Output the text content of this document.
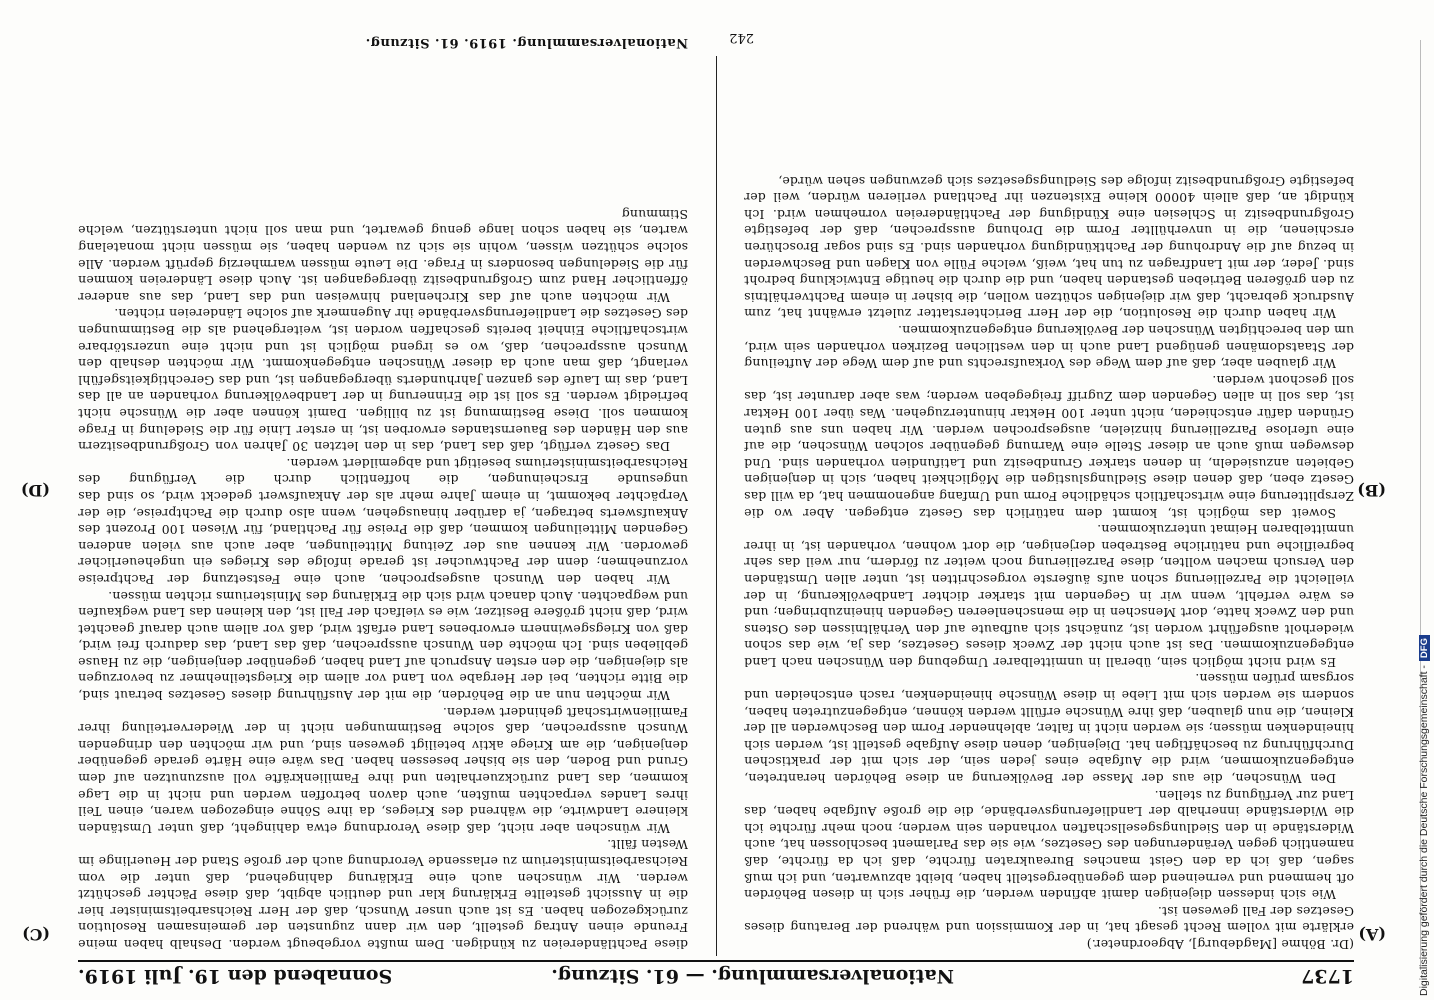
1737
Nationalversammlung. — 61. Sitzung.
Sonnabend den 19. Juli 1919.
(A)
(B)
(C)
(D)

(Dr. Böhme [Magdeburg], Abgeordneter.)

erklärte mit vollem Recht gesagt hat, in der Kommission und während der Beratung dieses Gesetzes der Fall gewesen ist.

Wie sich indessen diejenigen damit abfinden werden, die früher sich in diesen Behörden oft hemmend und verneinend dem gegenübergestellt haben, bleibt abzuwarten, und ich muß sagen, daß ich da den Geist manches Bureaukraten fürchte, daß ich da fürchte, daß namentlich gegen Veränderungen des Gesetzes, wie sie das Parlament beschlossen hat, auch Widerstände in den Siedlungsgesellschaften vorhanden sein werden; noch mehr fürchte ich die Widerstände innerhalb der Landlieferungsverbände, die die große Aufgabe haben, das Land zur Verfügung zu stellen.

Den Wünschen, die aus der Masse der Bevölkerung an diese Behörden herantreten, entgegenzukommen, wird die Aufgabe eines jeden sein, der sich mit der praktischen Durchführung zu beschäftigen hat. Diejenigen, denen diese Aufgabe gestellt ist, werden sich hineindenken müssen; sie werden nicht in falter, ablehnender Form den Beschwerden all der Kleinen, die nun glauben, daß ihre Wünsche erfüllt werden können, entgegenzutreten haben, sondern sie werden sich mit Liebe in diese Wünsche hineindenken, rasch entscheiden und sorgsam prüfen müssen.

Es wird nicht möglich sein, überall in unmittelbarer Umgebung den Wünschen nach Land entgegenzukommen. Das ist auch nicht der Zweck dieses Gesetzes, das ja, wie das schon wiederholt ausgeführt worden ist, zunächst sich aufbaute auf den Verhältnissen des Ostens und den Zweck hatte, dort Menschen in die menschenleeren Gegenden hineinzubringen; und es wäre verfehlt, wenn wir in Gegenden mit starker dichter Landbevölkerung, in der vielleicht die Parzellierung schon aufs äußerste vorgeschritten ist, unter allen Umständen den Versuch machen wollten, diese Parzellierung noch weiter zu fördern, nur weil das sehr begreifliche und natürliche Bestreben derjenigen, die dort wohnen, vorhanden ist, in ihrer unmittelbaren Heimat unterzukommen.

Soweit das möglich ist, kommt dem natürlich das Gesetz entgegen. Aber wo die Zersplitterung eine wirtschaftlich schädliche Form und Umfang angenommen hat, da will das Gesetz eben, daß denen diese Siedlungslustigen die Möglichkeit haben, sich in denjenigen Gebieten anzusiedeln, in denen starker Grundbesitz und Latifundien vorhanden sind. Und deswegen muß auch an dieser Stelle eine Warnung gegenüber solchen Wünschen, die auf eine uferlose Parzellierung hinzielen, ausgesprochen werden. Wir haben uns aus guten Gründen dafür entschieden, nicht unter 100 Hektar hinunterzugehen. Was über 100 Hektar ist, das soll in allen Gegenden dem Zugriff freigegeben werden; was aber darunter ist, das soll geschont werden.

Wir glauben aber, daß auf dem Wege des Vorkaufsrechts und auf dem Wege der Aufteilung der Staatsdomänen genügend Land auch in den westlichen Bezirken vorhanden sein wird, um den berechtigten Wünschen der Bevölkerung entgegenzukommen.

Wir haben durch die Resolution, die der Herr Berichterstatter zuletzt erwähnt hat, zum Ausdruck gebracht, daß wir diejenigen schützen wollen, die bisher in einem Pachtverhältnis zu den größeren Betrieben gestanden haben, und die durch die heutige Entwicklung bedroht sind. Jeder, der mit Landfragen zu tun hat, weiß, welche Fülle von Klagen und Beschwerden in bezug auf die Androhung der Pachtkündigung vorhanden sind. Es sind sogar Broschüren erschienen, die in unverhüllter Form die Drohung aussprechen, daß der befestigte Großgrundbesitz in Schlesien eine Kündigung der Pachtländereien vornehmen wird. Ich kündigt an, daß allein 40000 kleine Existenzen ihr Pachtland verlieren würden, weil der befestigte Großgrundbesitz infolge des Siedlungsgesetzes sich gezwungen sehen würde,

diese Pachtländereien zu kündigen. Dem mußte vorgebeugt werden. Deshalb haben meine Freunde einen Antrag gestellt, den wir dann zugunsten der gemeinsamen Resolution zurückgezogen haben. Es ist auch unser Wunsch, daß der Herr Reichsarbeitsminister hier die in Aussicht gestellte Erklärung klar und deutlich abgibt, daß diese Pächter geschützt werden. Wir wünschen auch eine Erklärung dahingehend, daß unter die vom Reichsarbeitsministerium zu erlassende Verordnung auch der große Stand der Heuerlinge im Westen fällt.

Wir wünschen aber nicht, daß diese Verordnung etwa dahingeht, daß unter Umständen kleinere Landwirte, die während des Krieges, da ihre Söhne eingezogen waren, einen Teil ihres Landes verpachten mußten, auch davon betroffen werden und nicht in die Lage kommen, das Land zurückzuerhalten und ihre Familienkräfte voll auszunutzen auf dem Grund und Boden, den sie bisher besessen haben. Das wäre eine Härte gerade gegenüber denjenigen, die am Kriege aktiv beteiligt gewesen sind, und wir möchten den dringenden Wunsch aussprechen, daß solche Bestimmungen nicht in der Wiederverteilung ihrer Familienwirtschaft gehindert werden.

Wir möchten nun an die Behörden, die mit der Ausführung dieses Gesetzes betraut sind, die Bitte richten, bei der Hergabe von Land vor allem die Kriegsteilnehmer zu bevorzugen als diejenigen, die den ersten Anspruch auf Land haben, gegenüber denjenigen, die zu Hause geblieben sind. Ich möchte den Wunsch aussprechen, daß das Land, das dadurch frei wird, daß von Kriegsgewinnern erworbenes Land erfaßt wird, daß vor allem auch darauf geachtet wird, daß nicht größere Besitzer, wie es vielfach der Fall ist, den kleinen das Land wegkaufen und wegpachten. Auch danach wird sich die Erklärung des Ministeriums richten müssen.

Wir haben den Wunsch ausgesprochen, auch eine Festsetzung der Pachtpreise vorzunehmen; denn der Pachtwucher ist gerade infolge des Krieges ein ungeheuerlicher geworden. Wir kennen aus der Zeitung Mitteilungen, aber auch aus vielen anderen Gegenden Mitteilungen kommen, daß die Preise für Pachtland, für Wiesen 100 Prozent des Ankaufswerts betragen, ja darüber hinausgehen, wenn also durch die Pachtpreise, die der Verpächter bekommt, in einem Jahre mehr als der Ankaufswert gedeckt wird, so sind das ungesunde Erscheinungen, die hoffentlich durch die Verfügung des Reichsarbeitsministeriums beseitigt und abgemildert werden.

Das Gesetz verfügt, daß das Land, das in den letzten 30 Jahren von Großgrundbesitzern aus den Händen des Bauernstandes erworben ist, in erster Linie für die Siedelung in Frage kommen soll. Diese Bestimmung ist zu billigen. Damit können aber die Wünsche nicht befriedigt werden. Es soll ist die Erinnerung in der Landbevölkerung vorhanden an all das Land, das im Laufe des ganzen Jahrhunderts übergegangen ist, und das Gerechtigkeitsgefühl verlangt, daß man auch da dieser Wünschen entgegenkommt. Wir möchten deshalb den Wunsch aussprechen, daß, wo es irgend möglich ist und nicht eine unzerstörbare wirtschaftliche Einheit bereits geschaffen worden ist, weitergehend als die Bestimmungen des Gesetzes die Landlieferungsverbände ihr Augenmerk auf solche Ländereien richten.

Wir möchten auch auf das Kirchenland hinweisen und das Land, das aus anderer öffentlicher Hand zum Großgrundbesitz übergegangen ist. Auch diese Ländereien kommen für die Siedelungen besonders in Frage. Die Leute müssen warmherzig geprüft werden. Alle solche schützen wissen, wohin sie sich zu wenden haben, sie müssen nicht monatelang warten, sie haben schon lange genug gewartet, und man soll nicht unterstützen, welche Stimmung

Nationalversammlung. 1919. 61. Sitzung.	242
Digitalisierung gefördert durch die Deutsche Forschungsgemeinschaft -DFG
